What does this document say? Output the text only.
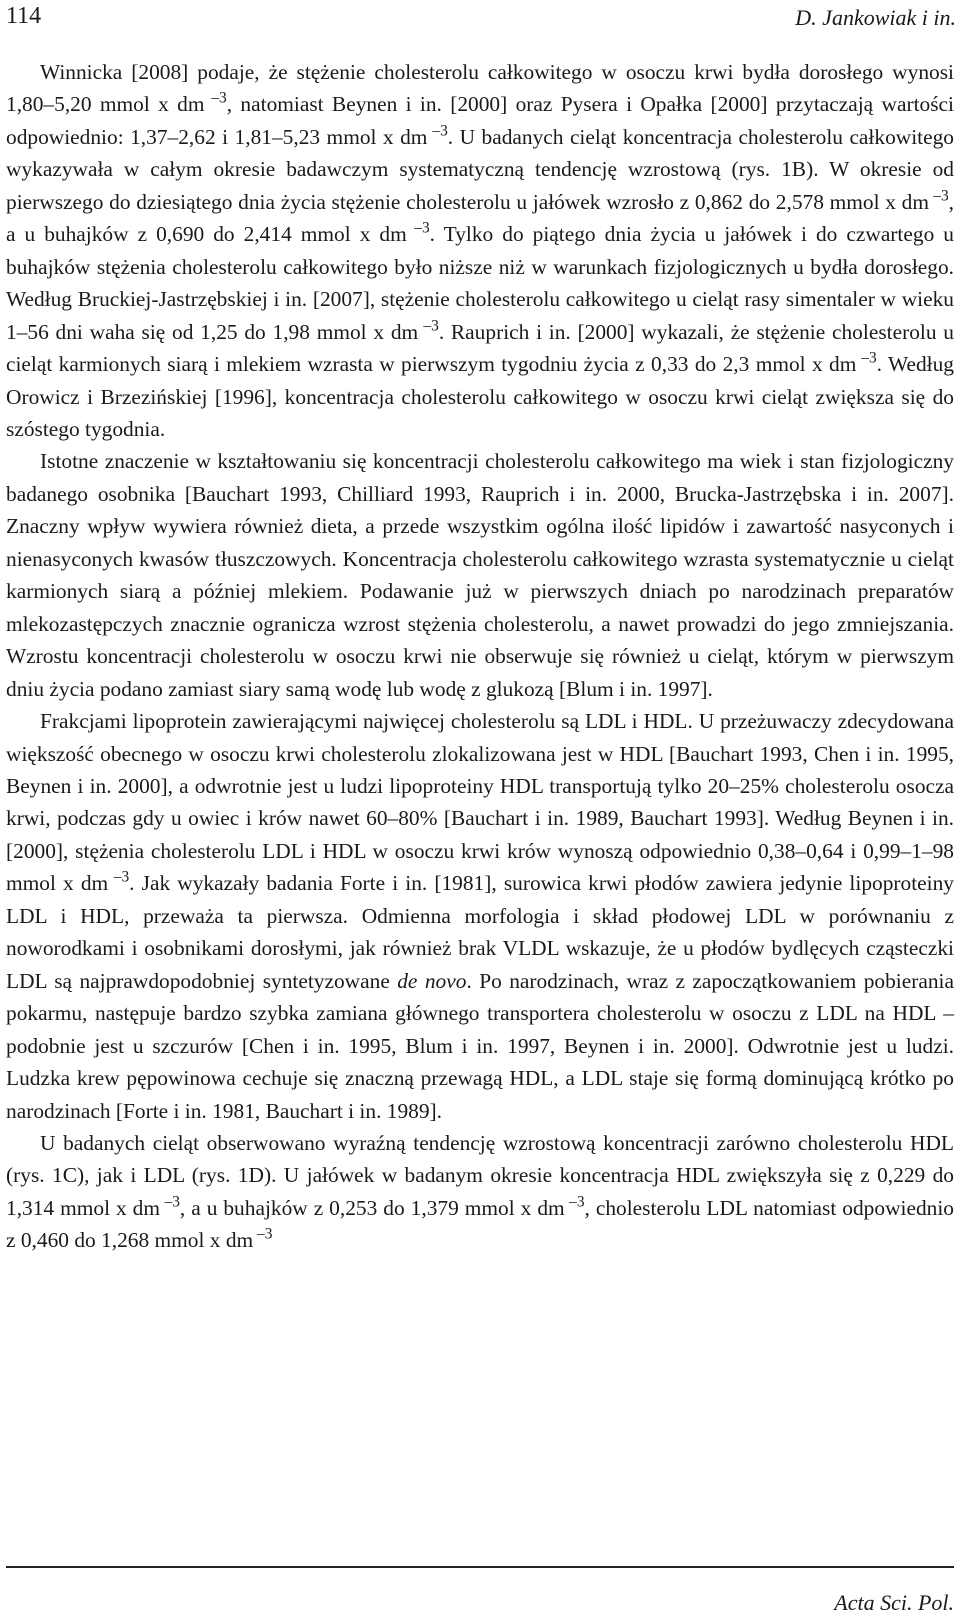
114	D. Jankowiak i in.

Winnicka [2008] podaje, że stężenie cholesterolu całkowitego w osoczu krwi bydła dorosłego wynosi 1,80–5,20 mmol x dm $^{-3}$, natomiast Beynen i in. [2000] oraz Pysera i Opałka [2000] przytaczają wartości odpowiednio: 1,37–2,62 i 1,81–5,23 mmol x dm $^{-3}$. U badanych cieląt koncentracja cholesterolu całkowitego wykazywała w całym okresie badawczym systematyczną tendencję wzrostową (rys. 1B). W okresie od pierwszego do dziesiątego dnia życia stężenie cholesterolu u jałówek wzrosło z 0,862 do 2,578 mmol x dm $^{-3}$, a u buhajków z 0,690 do 2,414 mmol x dm $^{-3}$. Tylko do piątego dnia życia u jałówek i do czwartego u buhajków stężenia cholesterolu całkowitego było niższe niż w warunkach fizjologicznych u bydła dorosłego. Według Bruckiej-Jastrzębskiej i in. [2007], stężenie cholesterolu całkowitego u cieląt rasy simentaler w wieku 1–56 dni waha się od 1,25 do 1,98 mmol x dm $^{-3}$. Rauprich i in. [2000] wykazali, że stężenie cholesterolu u cieląt karmionych siarą i mlekiem wzrasta w pierwszym tygodniu życia z 0,33 do 2,3 mmol x dm $^{-3}$. Według Orowicz i Brzezińskiej [1996], koncentracja cholesterolu całkowitego w osoczu krwi cieląt zwiększa się do szóstego tygodnia.

Istotne znaczenie w kształtowaniu się koncentracji cholesterolu całkowitego ma wiek i stan fizjologiczny badanego osobnika [Bauchart 1993, Chilliard 1993, Rauprich i in. 2000, Brucka-Jastrzębska i in. 2007]. Znaczny wpływ wywiera również dieta, a przede wszystkim ogólna ilość lipidów i zawartość nasyconych i nienasyconych kwasów tłuszczowych. Koncentracja cholesterolu całkowitego wzrasta systematycznie u cieląt karmionych siarą a później mlekiem. Podawanie już w pierwszych dniach po narodzinach preparatów mlekozastępczych znacznie ogranicza wzrost stężenia cholesterolu, a nawet prowadzi do jego zmniejszania. Wzrostu koncentracji cholesterolu w osoczu krwi nie obserwuje się również u cieląt, którym w pierwszym dniu życia podano zamiast siary samą wodę lub wodę z glukozą [Blum i in. 1997].

Frakcjami lipoprotein zawierającymi najwięcej cholesterolu są LDL i HDL. U przeżuwaczy zdecydowana większość obecnego w osoczu krwi cholesterolu zlokalizowana jest w HDL [Bauchart 1993, Chen i in. 1995, Beynen i in. 2000], a odwrotnie jest u ludzi lipoproteiny HDL transportują tylko 20–25% cholesterolu osocza krwi, podczas gdy u owiec i krów nawet 60–80% [Bauchart i in. 1989, Bauchart 1993]. Według Beynen i in. [2000], stężenia cholesterolu LDL i HDL w osoczu krwi krów wynoszą odpowiednio 0,38–0,64 i 0,99–1–98 mmol x dm $^{-3}$. Jak wykazały badania Forte i in. [1981], surowica krwi płodów zawiera jedynie lipoproteiny LDL i HDL, przeważa ta pierwsza. Odmienna morfologia i skład płodowej LDL w porównaniu z noworodkami i osobnikami dorosłymi, jak również brak VLDL wskazuje, że u płodów bydlęcych cząsteczki LDL są najprawdopodobniej syntetyzowane de novo. Po narodzinach, wraz z zapoczątkowaniem pobierania pokarmu, następuje bardzo szybka zamiana głównego transportera cholesterolu w osoczu z LDL na HDL – podobnie jest u szczurów [Chen i in. 1995, Blum i in. 1997, Beynen i in. 2000]. Odwrotnie jest u ludzi. Ludzka krew pępowinowa cechuje się znaczną przewagą HDL, a LDL staje się formą dominującą krótko po narodzinach [Forte i in. 1981, Bauchart i in. 1989].

U badanych cieląt obserwowano wyraźną tendencję wzrostową koncentracji zarówno cholesterolu HDL (rys. 1C), jak i LDL (rys. 1D). U jałówek w badanym okresie koncentracja HDL zwiększyła się z 0,229 do 1,314 mmol x dm $^{-3}$, a u buhajków z 0,253 do 1,379 mmol x dm $^{-3}$, cholesterolu LDL natomiast odpowiednio z 0,460 do 1,268 mmol x dm $^{-3}$

Acta Sci. Pol.
